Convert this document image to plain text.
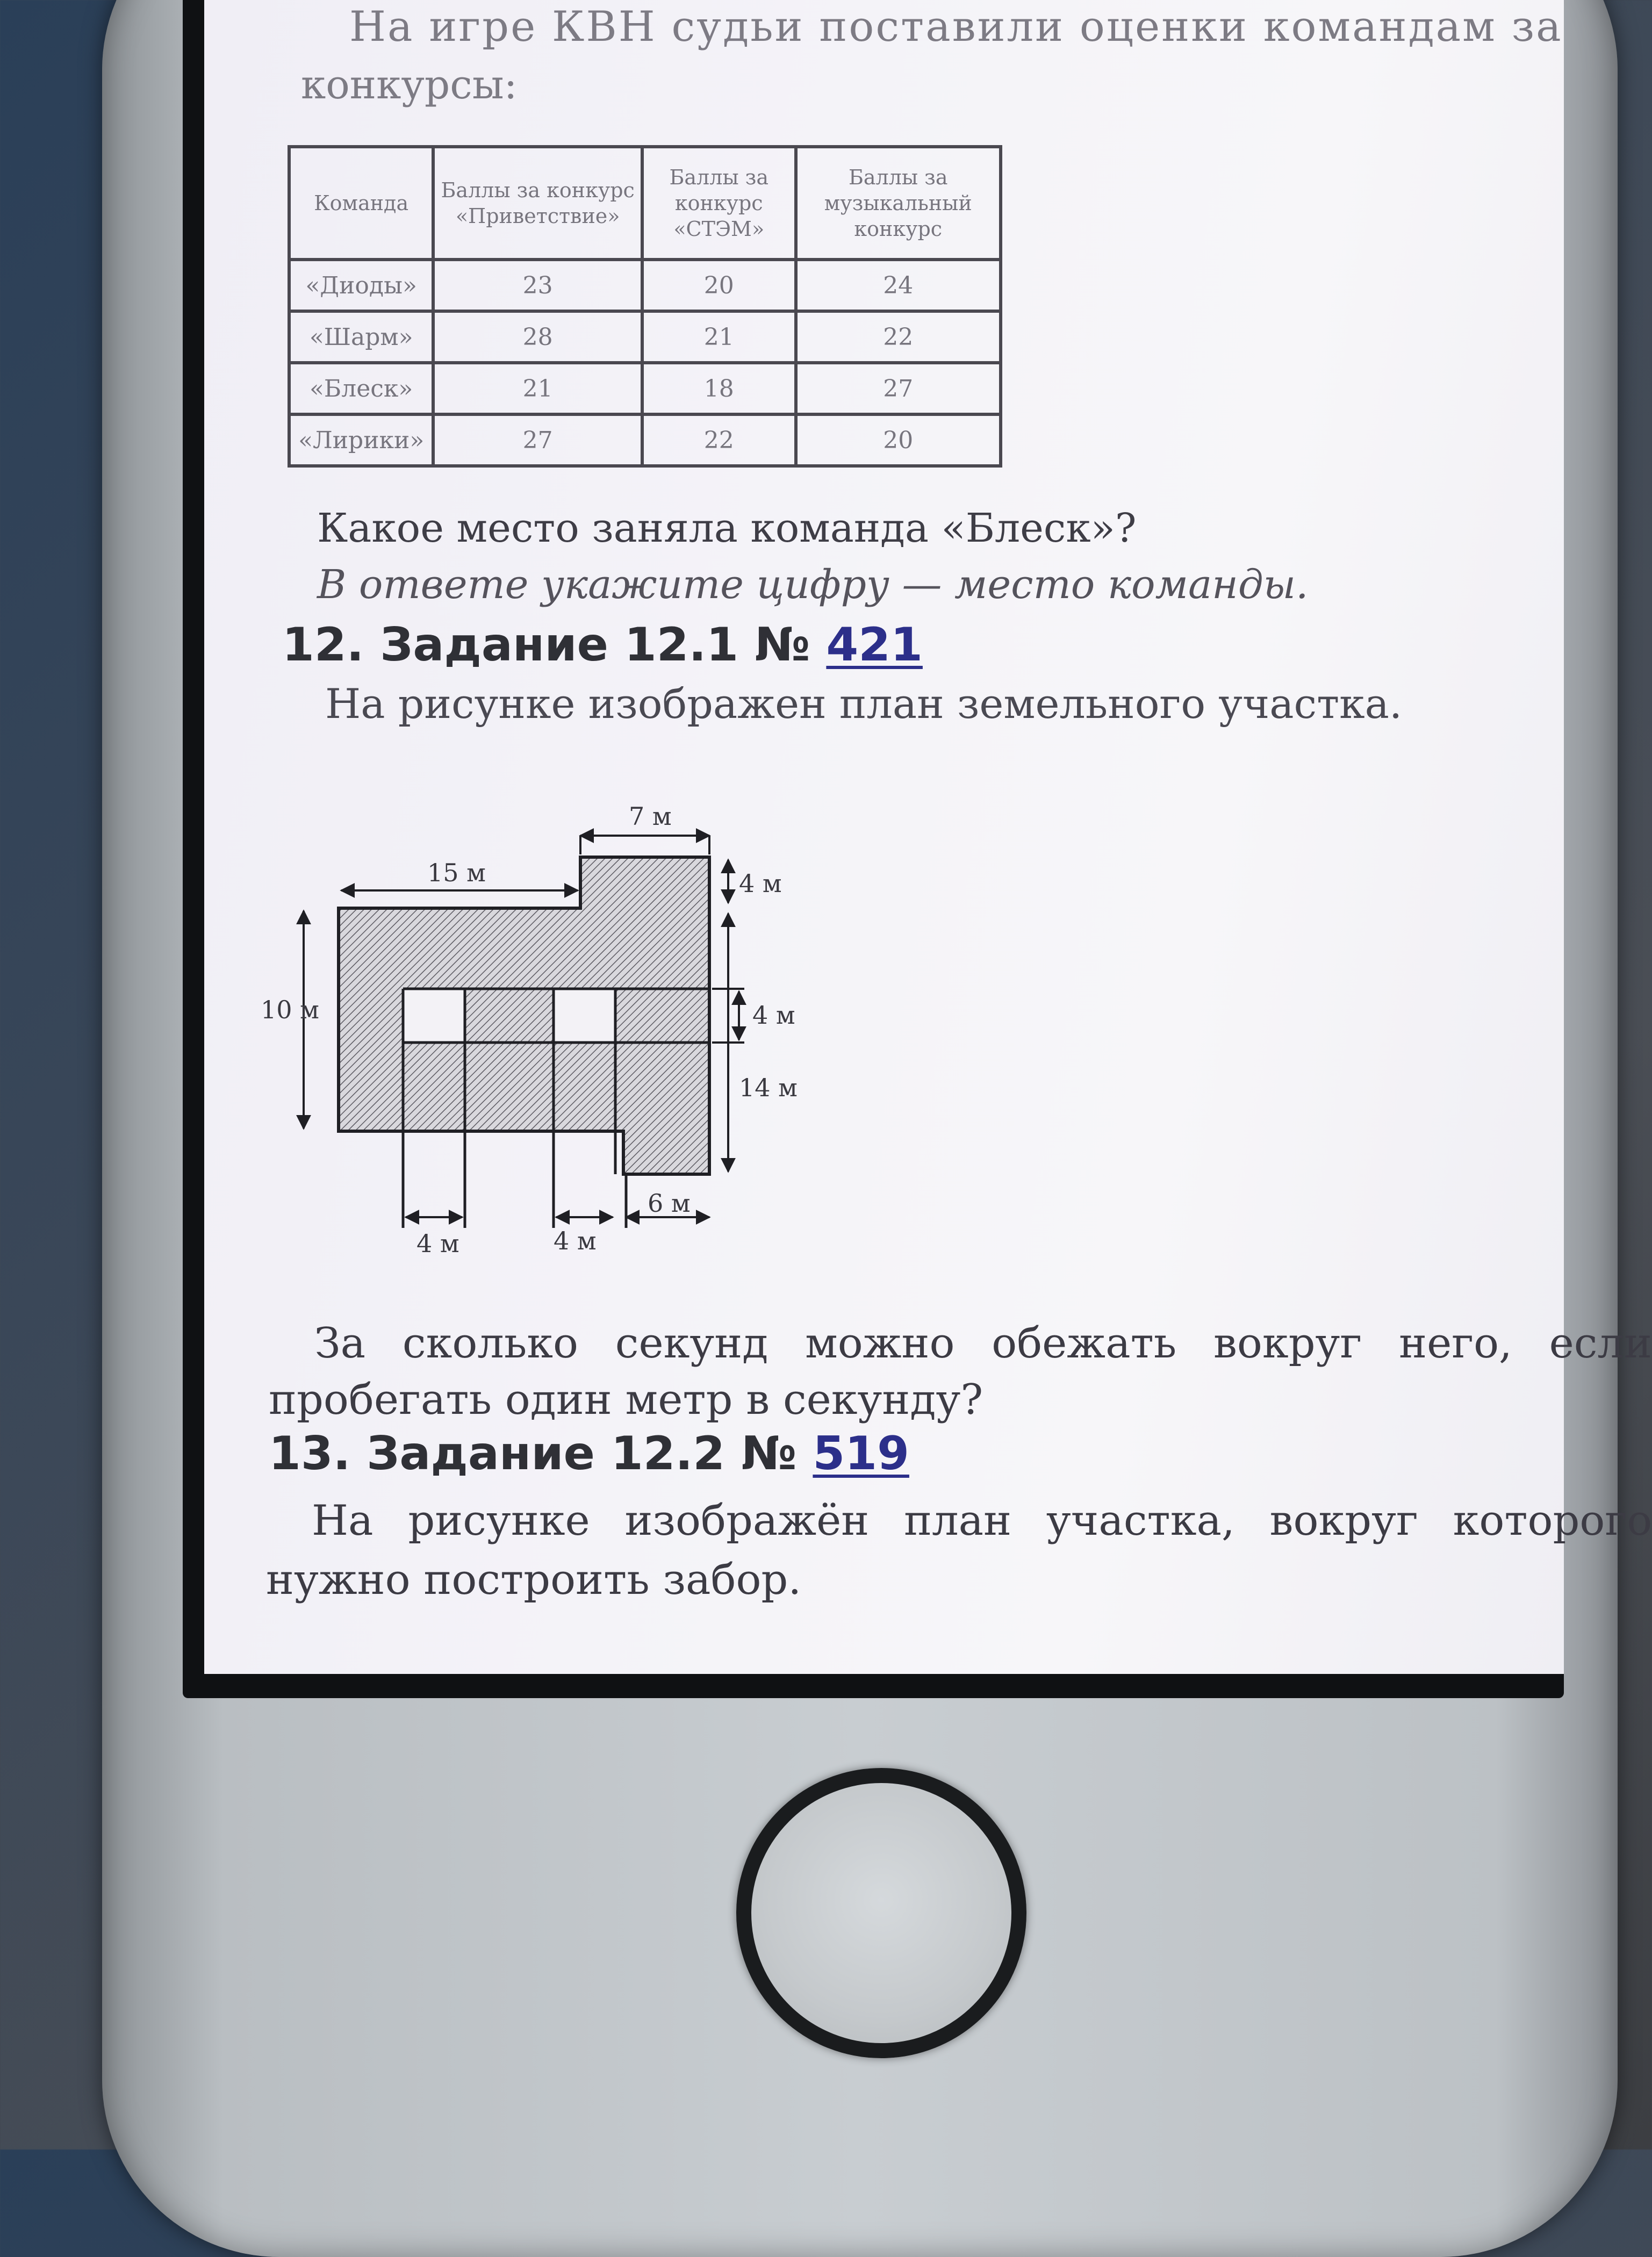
На игре КВН судьи поставили оценки командам за
конкурсы:
Команда	Баллы за конкурс «Приветствие»	Баллы за конкурс «СТЭМ»	Баллы за музыкальный конкурс
«Диоды»	23	20	24
«Шарм»	28	21	22
«Блеск»	21	18	27
«Лирики»	27	22	20
Какое место заняла команда «Блеск»?
В ответе укажите цифру — место команды.
12. Задание 12.1 № 421
На рисунке изображен план земельного участка.
7 м
15 м	4 м
10 м	4 м
14 м
6 м
4 м	4 м
За сколько секунд можно обежать вокруг него, если
пробегать один метр в секунду?
13. Задание 12.2 № 519
На рисунке изображён план участка, вокруг которого
нужно построить забор.
